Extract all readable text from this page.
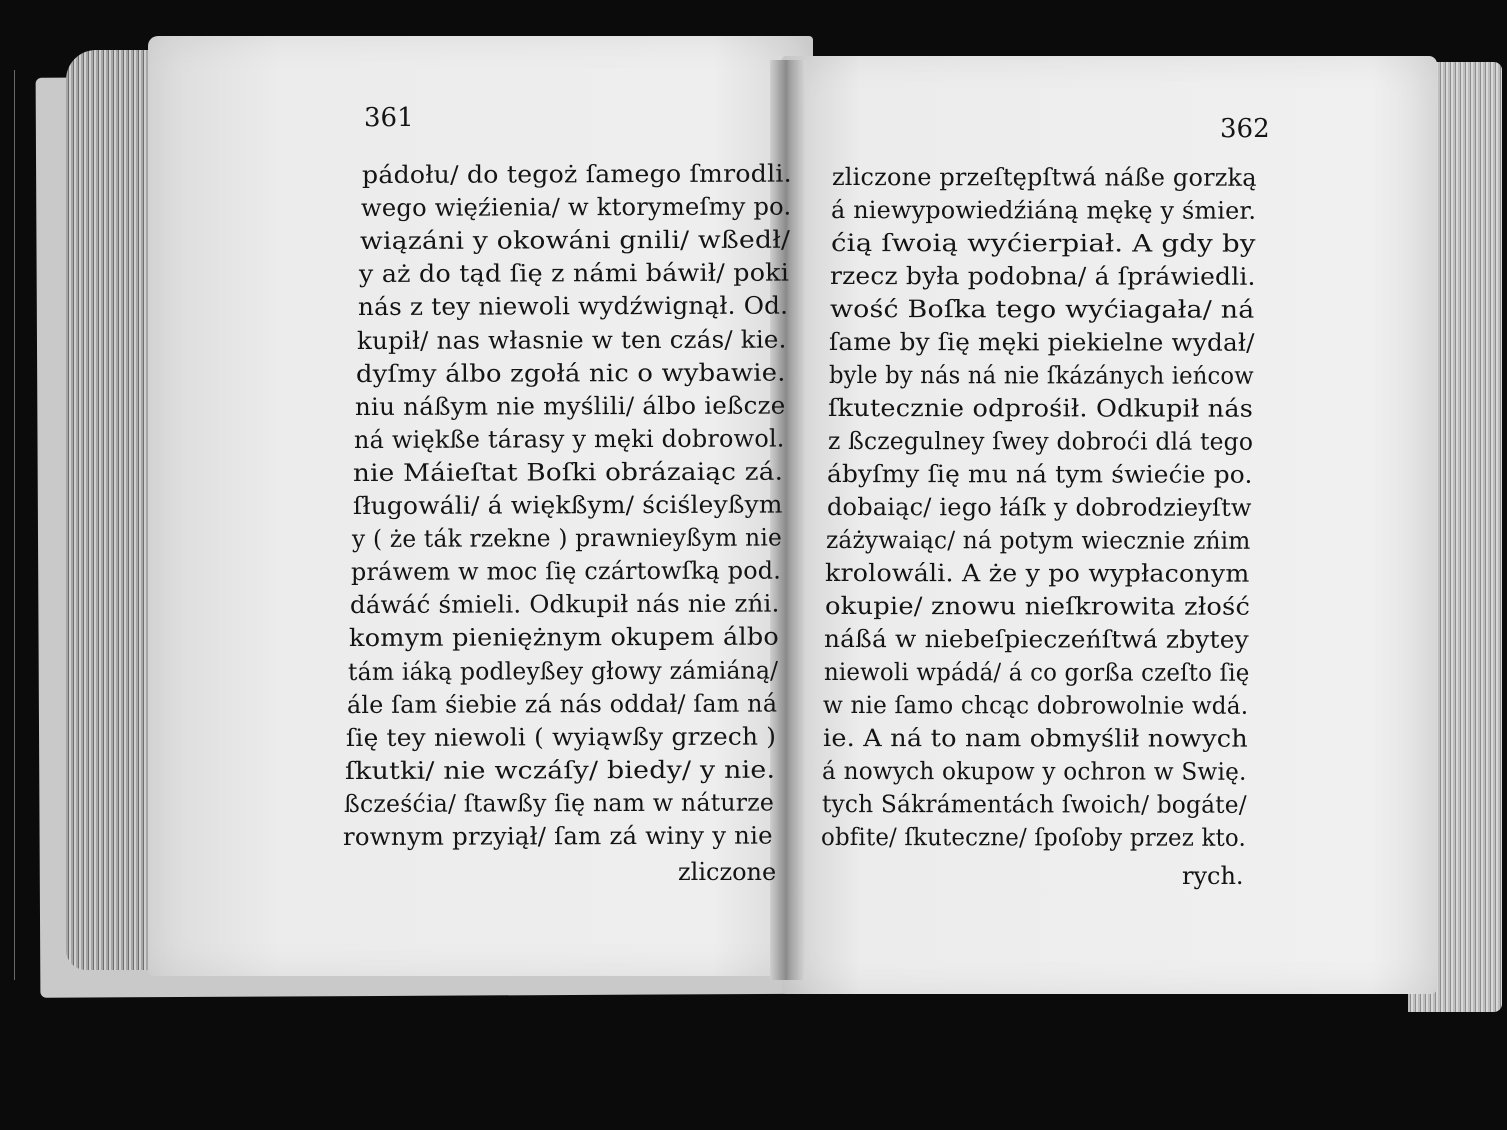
361	362
pádołu/ do tegoż ſamego ſmrodli.
wego więźienia/ w ktorymeſmy po.
wiązáni y okowáni gnili/ wßedł/
y aż do tąd ſię z námi báwił/ poki
nás z tey niewoli wydźwignął. Od.
kupił/ nas własnie w ten czás/ kie.
dyſmy álbo zgołá nic o wybawie.
niu náßym nie myślili/ álbo ießcze
ná więkße tárasy y męki dobrowol.
nie Máieſtat Boſki obrázaiąc zá.
ſługowáli/ á więkßym/ ściśleyßym
y ( że ták rzekne ) prawnieyßym nie
práwem w moc ſię czártowſką pod.
dáwáć śmieli. Odkupił nás nie zńi.
komym pieniężnym okupem álbo
tám iáką podleyßey głowy zámiáną/
ále ſam śiebie zá nás oddał/ ſam ná
ſię tey niewoli ( wyiąwßy grzech )
ſkutki/ nie wczáſy/ biedy/ y nie.
ßcześćia/ ſtawßy ſię nam w náturze
rownym przyiął/ ſam zá winy y nie
zliczone przeſtępſtwá náße gorzką
á niewypowiedźiáną mękę y śmier.
ćią ſwoią wyćierpiał. A gdy by
rzecz była podobna/ á ſpráwiedli.
wość Boſka tego wyćiagała/ ná
ſame by ſię męki piekielne wydał/
byle by nás ná nie ſkázánych ieńcow
ſkutecznie odprośił. Odkupił nás
z ßczegulney ſwey dobroći dlá tego
ábyſmy ſię mu ná tym świećie po.
dobaiąc/ iego łáſk y dobrodzieyſtw
záżywaiąc/ ná potym wiecznie zńim
krolowáli. A że y po wypłaconym
okupie/ znowu nieſkrowita złość
náßá w niebeſpieczeńſtwá zbytey
niewoli wpádá/ á co gorßa czeſto ſię
w nie ſamo chcąc dobrowolnie wdá.
ie. A ná to nam obmyślił nowych
á nowych okupow y ochron w Swię.
tych Sákrámentách ſwoich/ bogáte/
obfite/ ſkuteczne/ ſpoſoby przez kto.
zliczone	rych.
